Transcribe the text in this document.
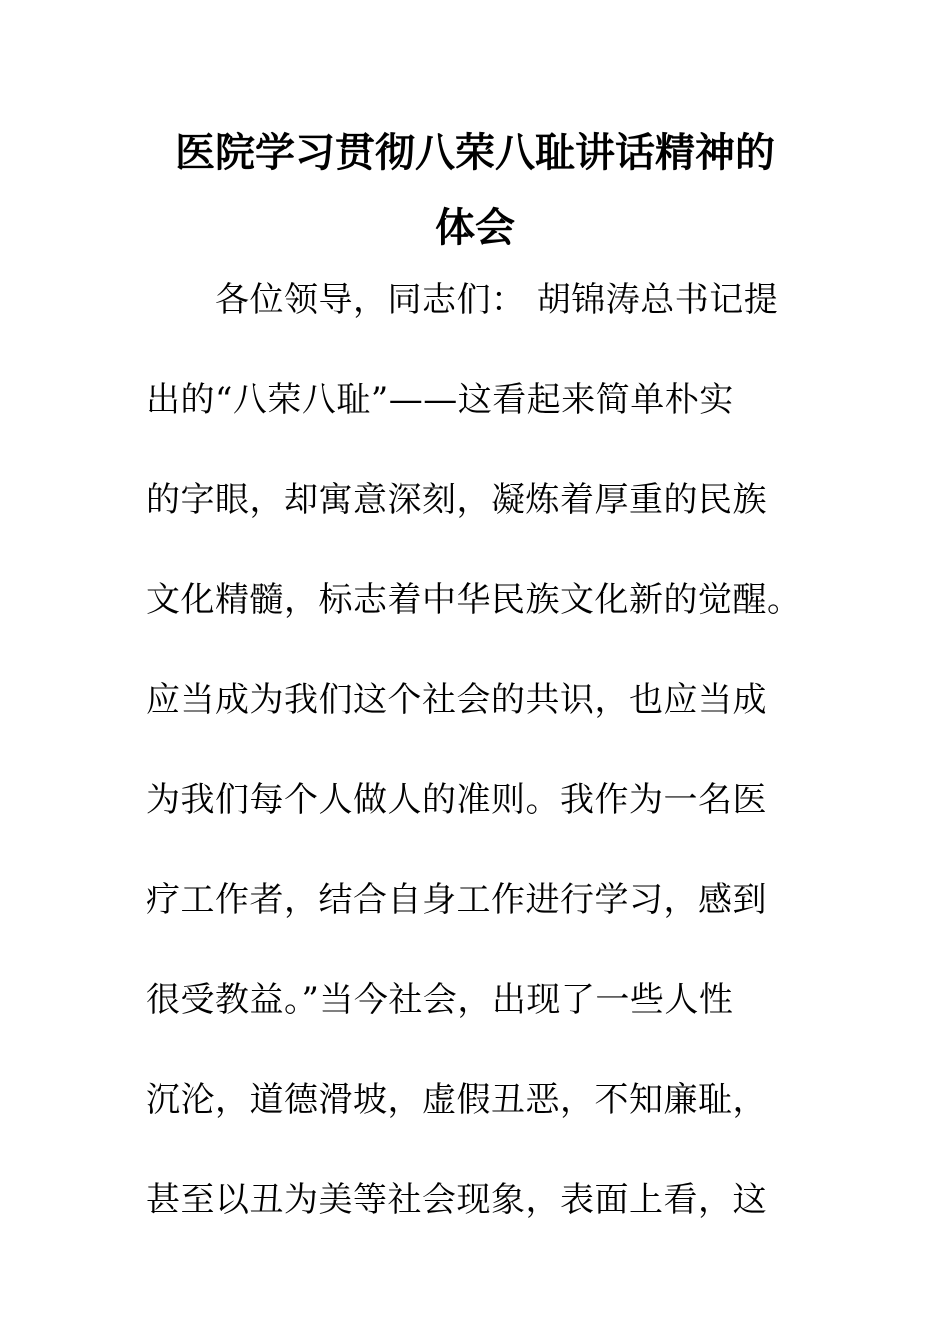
医院学习贯彻八荣八耻讲话精神的
体会
各位领导，同志们： 胡锦涛总书记提
出的“八荣八耻”——这看起来简单朴实
的字眼，却寓意深刻，凝炼着厚重的民族
文化精髓，标志着中华民族文化新的觉醒。
应当成为我们这个社会的共识，也应当成
为我们每个人做人的准则。我作为一名医
疗工作者，结合自身工作进行学习，感到
很受教益。”当今社会，出现了一些人性
沉沦，道德滑坡，虚假丑恶，不知廉耻，
甚至以丑为美等社会现象，表面上看，这
